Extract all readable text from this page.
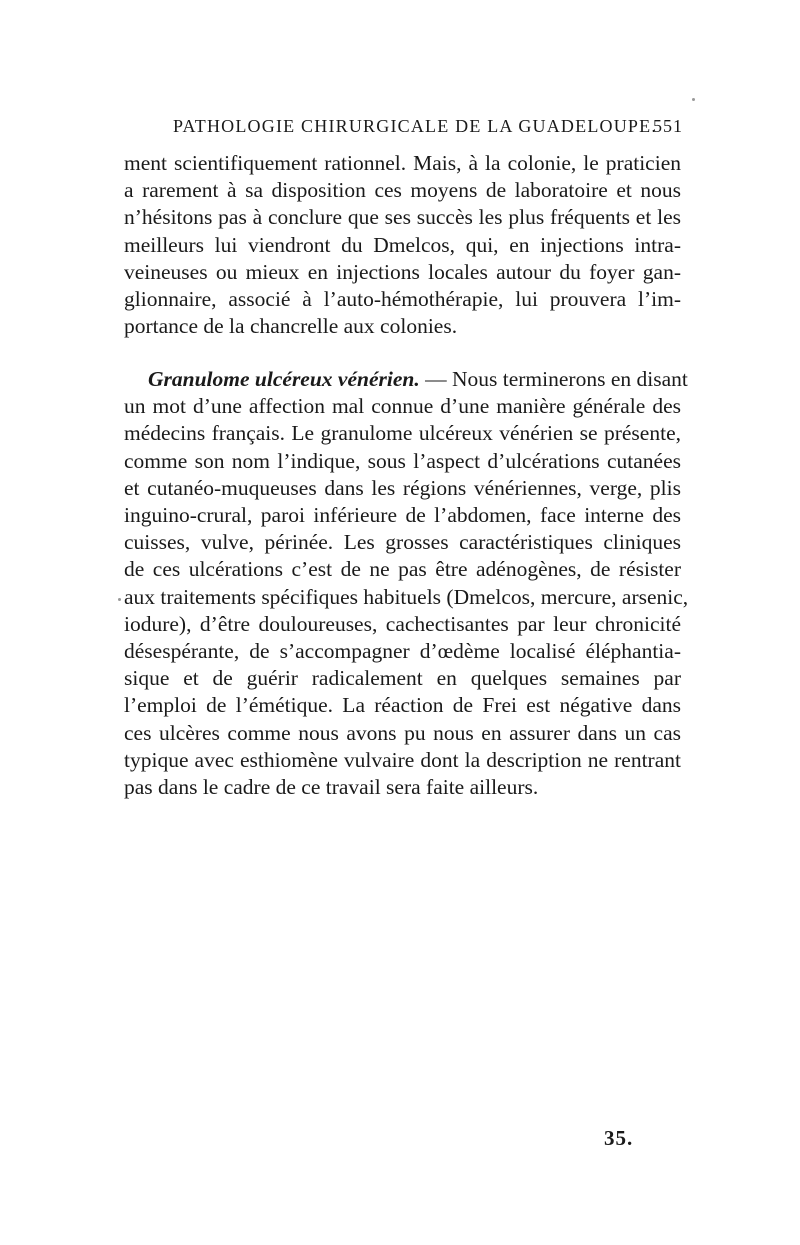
PATHOLOGIE CHIRURGICALE DE LA GUADELOUPE.
551
ment scientifiquement rationnel. Mais, à la colonie, le praticien
a rarement à sa disposition ces moyens de laboratoire et nous
n’hésitons pas à conclure que ses succès les plus fréquents et les
meilleurs lui viendront du Dmelcos, qui, en injections intra-
veineuses ou mieux en injections locales autour du foyer gan-
glionnaire, associé à l’auto-hémothérapie, lui prouvera l’im-
portance de la chancrelle aux colonies.
Granulome ulcéreux vénérien. — Nous terminerons en disant
un mot d’une affection mal connue d’une manière générale des
médecins français. Le granulome ulcéreux vénérien se présente,
comme son nom l’indique, sous l’aspect d’ulcérations cutanées
et cutanéo-muqueuses dans les régions vénériennes, verge, plis
inguino-crural, paroi inférieure de l’abdomen, face interne des
cuisses, vulve, périnée. Les grosses caractéristiques cliniques
de ces ulcérations c’est de ne pas être adénogènes, de résister
aux traitements spécifiques habituels (Dmelcos, mercure, arsenic,
iodure), d’être douloureuses, cachectisantes par leur chronicité
désespérante, de s’accompagner d’œdème localisé éléphantia-
sique et de guérir radicalement en quelques semaines par
l’emploi de l’émétique. La réaction de Frei est négative dans
ces ulcères comme nous avons pu nous en assurer dans un cas
typique avec esthiomène vulvaire dont la description ne rentrant
pas dans le cadre de ce travail sera faite ailleurs.
35.
